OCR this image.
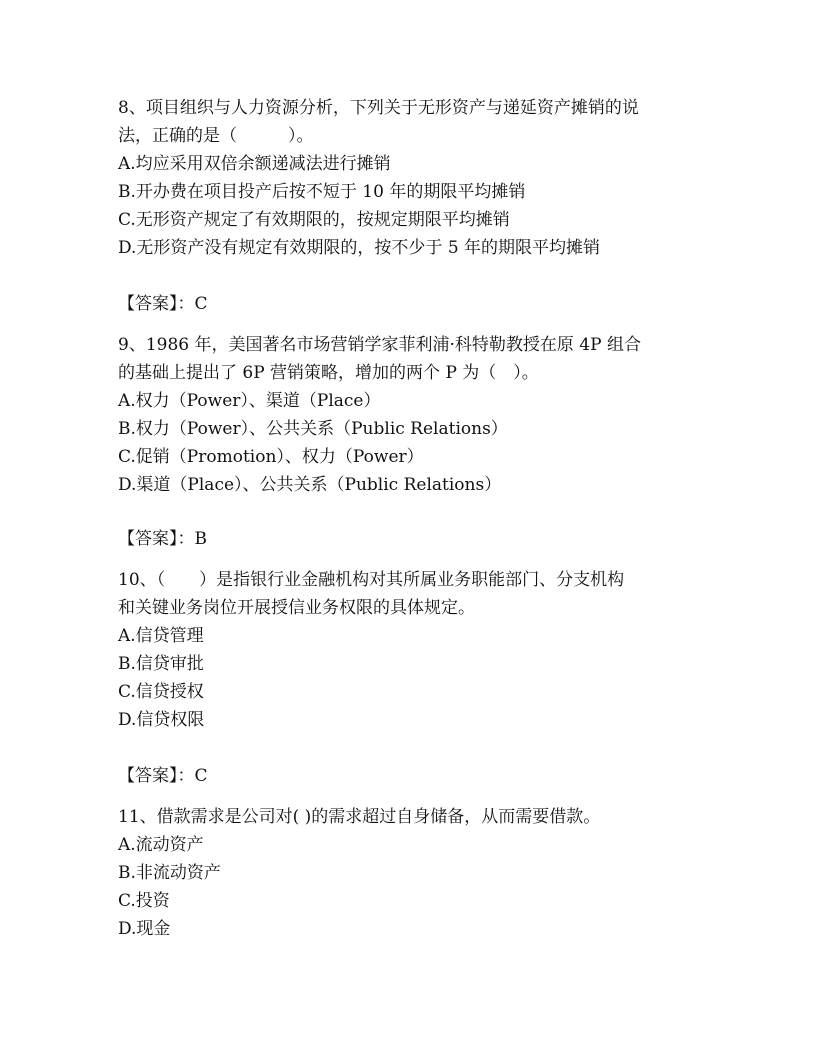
8、项目组织与人力资源分析，下列关于无形资产与递延资产摊销的说
法，正确的是（　　　）。
A.均应采用双倍余额递减法进行摊销
B.开办费在项目投产后按不短于 10 年的期限平均摊销
C.无形资产规定了有效期限的，按规定期限平均摊销
D.无形资产没有规定有效期限的，按不少于 5 年的期限平均摊销
【答案】：C
9、1986 年，美国著名市场营销学家菲利浦·科特勒教授在原 4P 组合
的基础上提出了 6P 营销策略，增加的两个 P 为（　）。
A.权力（Power）、渠道（Place）
B.权力（Power）、公共关系（Public Relations）
C.促销（Promotion）、权力（Power）
D.渠道（Place）、公共关系（Public Relations）
【答案】：B
10、（　　）是指银行业金融机构对其所属业务职能部门、分支机构
和关键业务岗位开展授信业务权限的具体规定。
A.信贷管理
B.信贷审批
C.信贷授权
D.信贷权限
【答案】：C
11、借款需求是公司对( )的需求超过自身储备，从而需要借款。
A.流动资产
B.非流动资产
C.投资
D.现金
